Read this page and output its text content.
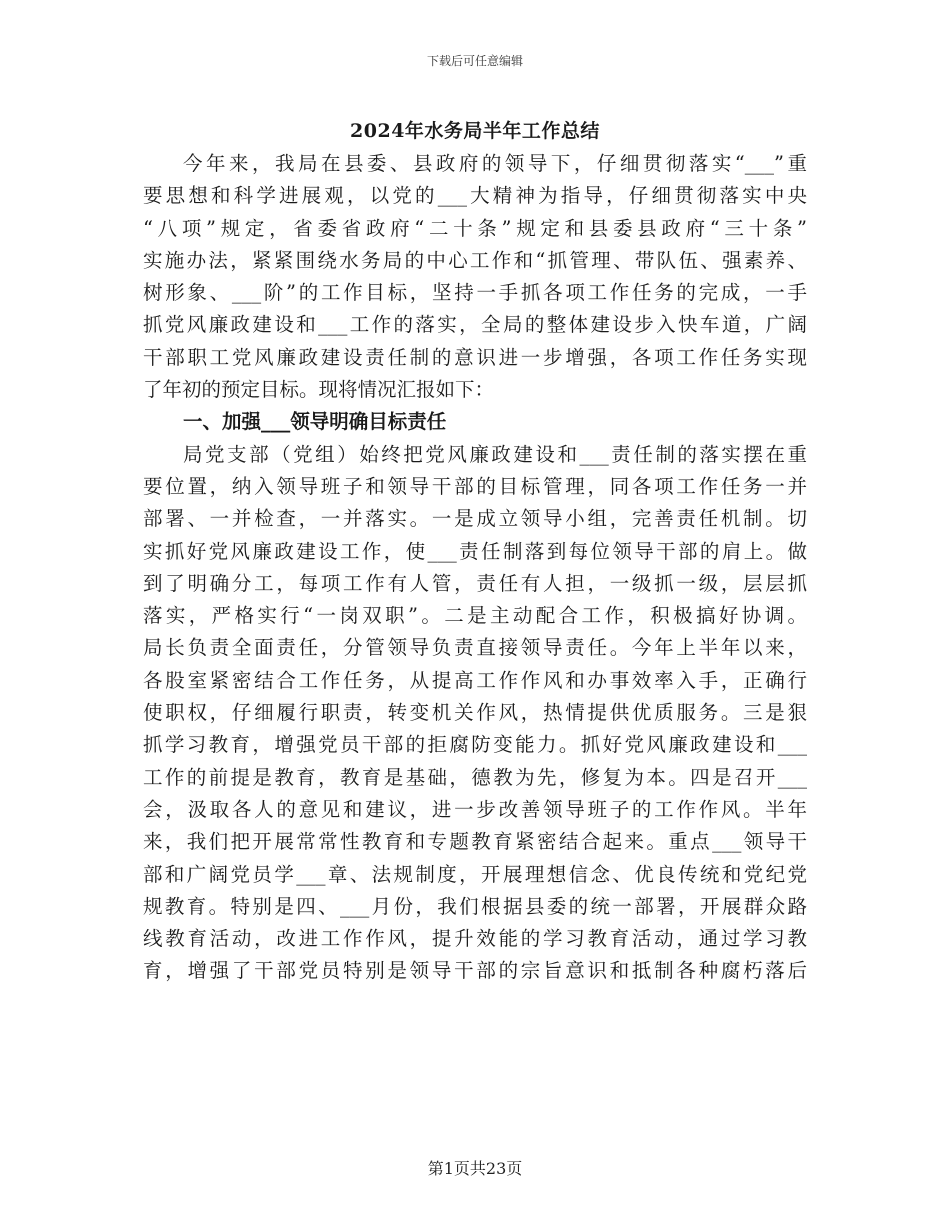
下载后可任意编辑
2024年水务局半年工作总结
今年来，我局在县委、县政府的领导下，仔细贯彻落实“___”重
要思想和科学进展观，以党的___大精神为指导，仔细贯彻落实中央
“八项”规定，省委省政府“二十条”规定和县委县政府“三十条”
实施办法，紧紧围绕水务局的中心工作和“抓管理、带队伍、强素养、
树形象、___阶”的工作目标，坚持一手抓各项工作任务的完成，一手
抓党风廉政建设和___工作的落实，全局的整体建设步入快车道，广阔
干部职工党风廉政建设责任制的意识进一步增强，各项工作任务实现
了年初的预定目标。现将情况汇报如下：
一、加强___领导明确目标责任
局党支部（党组）始终把党风廉政建设和___责任制的落实摆在重
要位置，纳入领导班子和领导干部的目标管理，同各项工作任务一并
部署、一并检查，一并落实。一是成立领导小组，完善责任机制。切
实抓好党风廉政建设工作，使___责任制落到每位领导干部的肩上。做
到了明确分工，每项工作有人管，责任有人担，一级抓一级，层层抓
落实，严格实行“一岗双职”。二是主动配合工作，积极搞好协调。
局长负责全面责任，分管领导负责直接领导责任。今年上半年以来，
各股室紧密结合工作任务，从提高工作作风和办事效率入手，正确行
使职权，仔细履行职责，转变机关作风，热情提供优质服务。三是狠
抓学习教育，增强党员干部的拒腐防变能力。抓好党风廉政建设和___
工作的前提是教育，教育是基础，德教为先，修复为本。四是召开___
会，汲取各人的意见和建议，进一步改善领导班子的工作作风。半年
来，我们把开展常常性教育和专题教育紧密结合起来。重点___领导干
部和广阔党员学___章、法规制度，开展理想信念、优良传统和党纪党
规教育。特别是四、___月份，我们根据县委的统一部署，开展群众路
线教育活动，改进工作作风，提升效能的学习教育活动，通过学习教
育，增强了干部党员特别是领导干部的宗旨意识和抵制各种腐朽落后
第1页共23页
